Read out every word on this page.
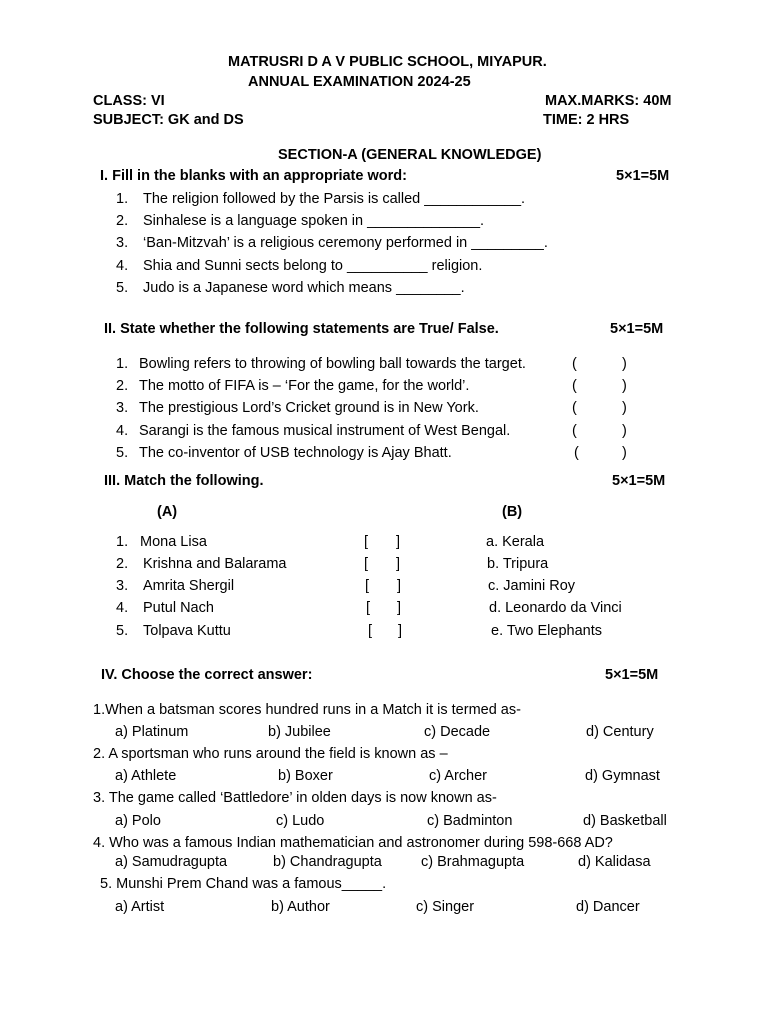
MATRUSRI D A V PUBLIC SCHOOL, MIYAPUR.
ANNUAL EXAMINATION 2024-25
CLASS: VI	MAX.MARKS: 40M
SUBJECT: GK and DS	TIME: 2 HRS
SECTION-A (GENERAL KNOWLEDGE)
I. Fill in the blanks with an appropriate word:	5×1=5M
1. The religion followed by the Parsis is called ____________.
2. Sinhalese is a language spoken in ______________.
3. ‘Ban-Mitzvah’ is a religious ceremony performed in _________.
4. Shia and Sunni sects belong to __________ religion.
5. Judo is a Japanese word which means ________.
II. State whether the following statements are True/ False.	5×1=5M
1. Bowling refers to throwing of bowling ball towards the target.	(	)
2. The motto of FIFA is – ‘For the game, for the world’.	(	)
3. The prestigious Lord’s Cricket ground is in New York.	(	)
4. Sarangi is the famous musical instrument of West Bengal.	(	)
5. The co-inventor of USB technology is Ajay Bhatt.	(	)
III. Match the following.	5×1=5M
(A)	(B)
1. Mona Lisa	[ ]	a. Kerala
2. Krishna and Balarama	[ ]	b. Tripura
3. Amrita Shergil	[ ]	c. Jamini Roy
4. Putul Nach	[ ]	d. Leonardo da Vinci
5. Tolpava Kuttu	[ ]	e. Two Elephants
IV. Choose the correct answer:	5×1=5M
1.When a batsman scores hundred runs in a Match it is termed as-
a) Platinum	b) Jubilee	c) Decade	d) Century
2. A sportsman who runs around the field is known as –
a) Athlete	b) Boxer	c) Archer	d) Gymnast
3. The game called ‘Battledore’ in olden days is now known as-
a) Polo	c) Ludo	c) Badminton	d) Basketball
4. Who was a famous Indian mathematician and astronomer during 598-668 AD?
a) Samudragupta	b) Chandragupta	c) Brahmagupta	d) Kalidasa
5. Munshi Prem Chand was a famous_____.
a) Artist	b) Author	c) Singer	d) Dancer
